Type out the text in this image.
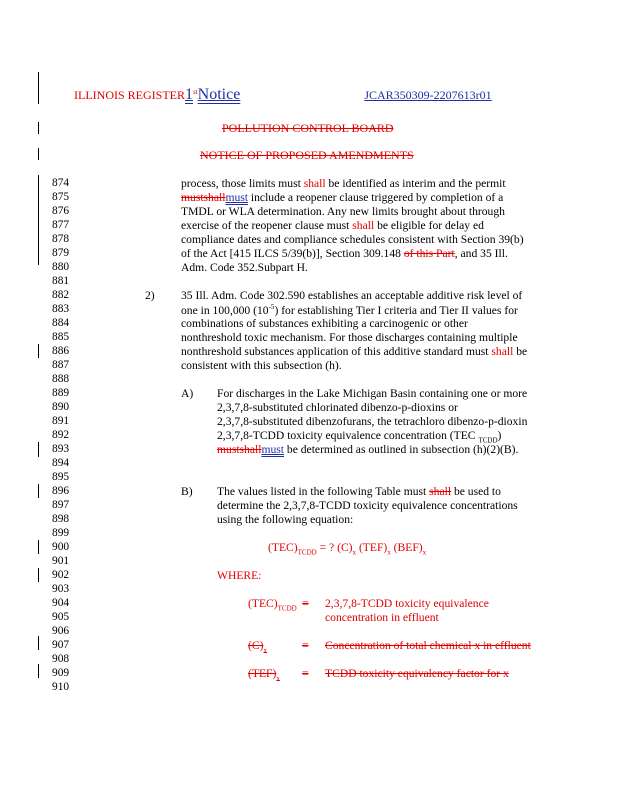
ILLINOIS REGISTER1stNotice	JCAR350309-2207613r01
POLLUTION CONTROL BOARD
NOTICE OF PROPOSED AMENDMENTS
874
875
876
877
878
879
880
881
882
883
884
885
886
887
888
889
890
891
892
893
894
895
896
897
898
899
900
901
902
903
904
905
906
907
908
909
910
process, those limits must shall be identified as interim and the permit
mustshallmust include a reopener clause triggered by completion of a
TMDL or WLA determination. Any new limits brought about through
exercise of the reopener clause must shall be eligible for delay ed
compliance dates and compliance schedules consistent with Section 39(b)
of the Act [415 ILCS 5/39(b)], Section 309.148 of this Part, and 35 Ill.
Adm. Code 352.Subpart H.
2) 35 Ill. Adm. Code 302.590 establishes an acceptable additive risk level of
one in 100,000 $(10^{-5})$ for establishing Tier I criteria and Tier II values for
combinations of substances exhibiting a carcinogenic or other
nonthreshold toxic mechanism. For those discharges containing multiple
nonthreshold substances application of this additive standard must shall be
consistent with this subsection (h).
A) For discharges in the Lake Michigan Basin containing one or more
2,3,7,8-substituted chlorinated dibenzo-p-dioxins or
2,3,7,8-substituted dibenzofurans, the tetrachloro dibenzo-p-dioxin
2,3,7,8-TCDD toxicity equivalence concentration (TEC $_{TCDD}$)
mustshallmust be determined as outlined in subsection (h)(2)(B).
B) The values listed in the following Table must shall be used to
determine the 2,3,7,8-TCDD toxicity equivalence concentrations
using the following equation:
$(TEC)_{TCDD}$ = ? $(C)_x$ $(TEF)_x$ $(BEF)_x$
WHERE:
$(TEC)_{TCDD}$ = 2,3,7,8-TCDD toxicity equivalence
concentration in effluent
$(C)_x$	= Concentration of total chemical x in effluent
$(TEF)_x$ = TCDD toxicity equivalency factor for x
